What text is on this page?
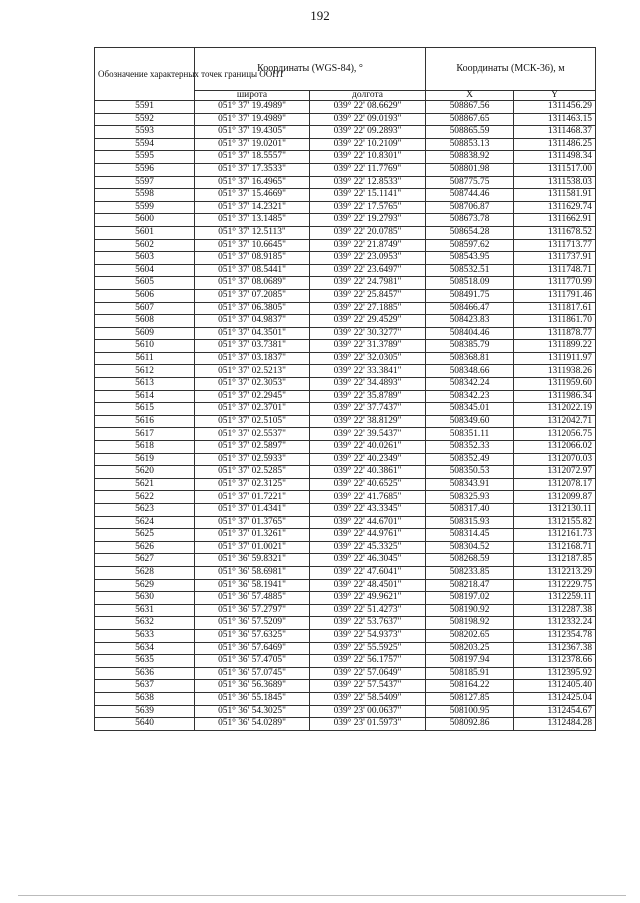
192
Обозначение характерных точек границы ООПТ	Координаты (WGS-84), °		Координаты (МСК-36), м	
	широта	долгота	X	Y
5591	051° 37' 19.4989"	039° 22' 08.6629"	508867.56	1311456.29
5592	051° 37' 19.4989"	039° 22' 09.0193"	508867.65	1311463.15
5593	051° 37' 19.4305"	039° 22' 09.2893"	508865.59	1311468.37
5594	051° 37' 19.0201"	039° 22' 10.2109"	508853.13	1311486.25
5595	051° 37' 18.5557"	039° 22' 10.8301"	508838.92	1311498.34
5596	051° 37' 17.3533"	039° 22' 11.7769"	508801.98	1311517.00
5597	051° 37' 16.4965"	039° 22' 12.8533"	508775.75	1311538.03
5598	051° 37' 15.4669"	039° 22' 15.1141"	508744.46	1311581.91
5599	051° 37' 14.2321"	039° 22' 17.5765"	508706.87	1311629.74
5600	051° 37' 13.1485"	039° 22' 19.2793"	508673.78	1311662.91
5601	051° 37' 12.5113"	039° 22' 20.0785"	508654.28	1311678.52
5602	051° 37' 10.6645"	039° 22' 21.8749"	508597.62	1311713.77
5603	051° 37' 08.9185"	039° 22' 23.0953"	508543.95	1311737.91
5604	051° 37' 08.5441"	039° 22' 23.6497"	508532.51	1311748.71
5605	051° 37' 08.0689"	039° 22' 24.7981"	508518.09	1311770.99
5606	051° 37' 07.2085"	039° 22' 25.8457"	508491.75	1311791.46
5607	051° 37' 06.3805"	039° 22' 27.1885"	508466.47	1311817.61
5608	051° 37' 04.9837"	039° 22' 29.4529"	508423.83	1311861.70
5609	051° 37' 04.3501"	039° 22' 30.3277"	508404.46	1311878.77
5610	051° 37' 03.7381"	039° 22' 31.3789"	508385.79	1311899.22
5611	051° 37' 03.1837"	039° 22' 32.0305"	508368.81	1311911.97
5612	051° 37' 02.5213"	039° 22' 33.3841"	508348.66	1311938.26
5613	051° 37' 02.3053"	039° 22' 34.4893"	508342.24	1311959.60
5614	051° 37' 02.2945"	039° 22' 35.8789"	508342.23	1311986.34
5615	051° 37' 02.3701"	039° 22' 37.7437"	508345.01	1312022.19
5616	051° 37' 02.5105"	039° 22' 38.8129"	508349.60	1312042.71
5617	051° 37' 02.5537"	039° 22' 39.5437"	508351.11	1312056.75
5618	051° 37' 02.5897"	039° 22' 40.0261"	508352.33	1312066.02
5619	051° 37' 02.5933"	039° 22' 40.2349"	508352.49	1312070.03
5620	051° 37' 02.5285"	039° 22' 40.3861"	508350.53	1312072.97
5621	051° 37' 02.3125"	039° 22' 40.6525"	508343.91	1312078.17
5622	051° 37' 01.7221"	039° 22' 41.7685"	508325.93	1312099.87
5623	051° 37' 01.4341"	039° 22' 43.3345"	508317.40	1312130.11
5624	051° 37' 01.3765"	039° 22' 44.6701"	508315.93	1312155.82
5625	051° 37' 01.3261"	039° 22' 44.9761"	508314.45	1312161.73
5626	051° 37' 01.0021"	039° 22' 45.3325"	508304.52	1312168.71
5627	051° 36' 59.8321"	039° 22' 46.3045"	508268.59	1312187.85
5628	051° 36' 58.6981"	039° 22' 47.6041"	508233.85	1312213.29
5629	051° 36' 58.1941"	039° 22' 48.4501"	508218.47	1312229.75
5630	051° 36' 57.4885"	039° 22' 49.9621"	508197.02	1312259.11
5631	051° 36' 57.2797"	039° 22' 51.4273"	508190.92	1312287.38
5632	051° 36' 57.5209"	039° 22' 53.7637"	508198.92	1312332.24
5633	051° 36' 57.6325"	039° 22' 54.9373"	508202.65	1312354.78
5634	051° 36' 57.6469"	039° 22' 55.5925"	508203.25	1312367.38
5635	051° 36' 57.4705"	039° 22' 56.1757"	508197.94	1312378.66
5636	051° 36' 57.0745"	039° 22' 57.0649"	508185.91	1312395.92
5637	051° 36' 56.3689"	039° 22' 57.5437"	508164.22	1312405.40
5638	051° 36' 55.1845"	039° 22' 58.5409"	508127.85	1312425.04
5639	051° 36' 54.3025"	039° 23' 00.0637"	508100.95	1312454.67
5640	051° 36' 54.0289"	039° 23' 01.5973"	508092.86	1312484.28
